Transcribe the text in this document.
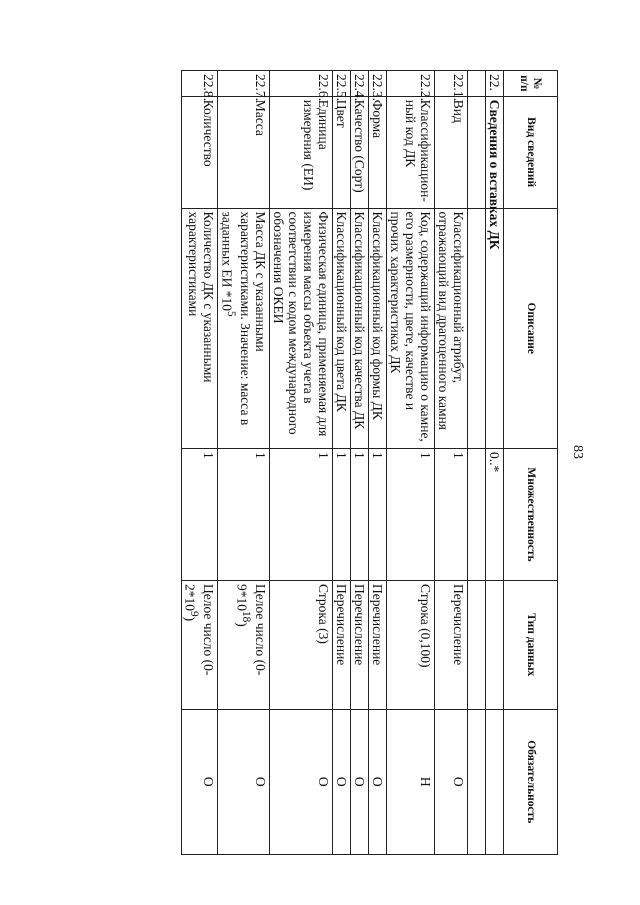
83
№ п/п	Вид сведений	Описание	Множественность	Тип данных	Обязательность
22.	Сведения о вставках ДК		0..*		

22.1.	Вид	Классификационный атрибут, отражающий вид драгоценного камня	1	Перечисление	О
22.2.	Классификацион-ный код ДК	Код, содержащий информацию о камне, его размерности, цвете, качестве и прочих характеристиках ДК	1	Строка (0,100)	Н
22.3.	Форма	Классификационный код формы ДК	1	Перечисление	О
22.4.	Качество (Сорт)	Классификационный код качества ДК	1	Перечисление	О
22.5.	Цвет	Классификационный код цвета ДК	1	Перечисление	О
22.6.	Единица измерения (ЕИ)	Физическая единица, применяемая для измерения массы объекта учета в соответствии с кодом международного обозначения ОКЕИ	1	Строка (3)	О
22.7.	Масса	Масса ДК с указанными характеристиками. Значение: масса в заданных ЕИ $*10^5$	1	Целое число $(0-9*10^{18})$	О
22.8.	Количество	Количество ДК с указанными характеристиками	1	Целое число $(0-2*10^9)$	О
